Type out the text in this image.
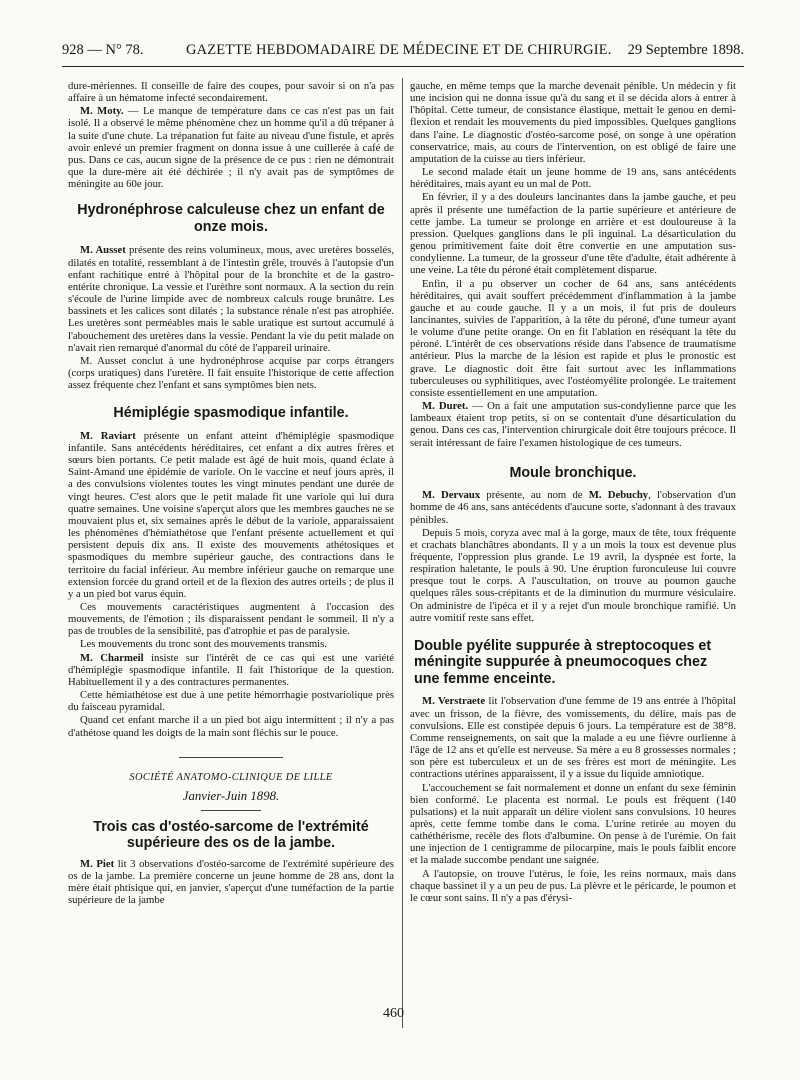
928 — N° 78.	GAZETTE HEBDOMADAIRE DE MÉDECINE ET DE CHIRURGIE. 29 Septembre 1898.

dure-mériennes. Il conseille de faire des coupes, pour savoir si on n'a pas affaire à un hématome infecté secondairement.

M. Moty. — Le manque de température dans ce cas n'est pas un fait isolé. Il a observé le même phénomène chez un homme qu'il a dû trépaner à la suite d'une chute. La trépanation fut faite au niveau d'une fistule, et après avoir enlevé un premier fragment on donna issue à une cuillerée à café de pus. Dans ce cas, aucun signe de la présence de ce pus : rien ne démontrait que la dure-mère ait été déchirée ; il n'y avait pas de symptômes de méningite au 60e jour.

Hydronéphrose calculeuse chez un enfant de onze mois.

M. Ausset présente des reins volumineux, mous, avec uretères bosselés, dilatés en totalité, ressemblant à de l'intestin grêle, trouvés à l'autopsie d'un enfant rachitique entré à l'hôpital pour de la bronchite et de la gastro-entérite chronique. La vessie et l'urèthre sont normaux. A la section du rein s'écoule de l'urine limpide avec de nombreux calculs rouge brunâtre. Les bassinets et les calices sont dilatés ; la substance rénale n'est pas atrophiée. Les uretères sont perméables mais le sable uratique est surtout accumulé à l'abouchement des uretères dans la vessie. Pendant la vie du petit malade on n'avait rien remarqué d'anormal du côté de l'appareil urinaire.

M. Ausset conclut à une hydronéphrose acquise par corps étrangers (corps uratiques) dans l'uretère. Il fait ensuite l'historique de cette affection assez fréquente chez l'enfant et sans symptômes bien nets.

Hémiplégie spasmodique infantile.

M. Raviart présente un enfant atteint d'hémiplégie spasmodique infantile. Sans antécédents héréditaires, cet enfant a dix autres frères et sœurs bien portants. Ce petit malade est âgé de huit mois, quand éclate à Saint-Amand une épidémie de variole. On le vaccine et neuf jours après, il a des convulsions violentes toutes les vingt minutes pendant une durée de vingt heures. C'est alors que le petit malade fit une variole qui lui dura quatre semaines. Une voisine s'aperçut alors que les membres gauches ne se mouvaient plus et, six semaines après le début de la variole, apparaissaient les phénomènes d'hémiathétose que l'enfant présente actuellement et qui persistent depuis dix ans. Il existe des mouvements athétosiques et spasmodiques du membre supérieur gauche, des contractions dans le territoire du facial inférieur. Au membre inférieur gauche on remarque une extension forcée du grand orteil et de la flexion des autres orteils ; de plus il y a un pied bot varus équin.

Ces mouvements caractéristiques augmentent à l'occasion des mouvements, de l'émotion ; ils disparaissent pendant le sommeil. Il n'y a pas de troubles de la sensibilité, pas d'atrophie et pas de paralysie.

Les mouvements du tronc sont des mouvements transmis.

M. Charmeil insiste sur l'intérêt de ce cas qui est une variété d'hémiplégie spasmodique infantile. Il fait l'historique de la question. Habituellement il y a des contractures permanentes.

Cette hémiathétose est due à une petite hémorrhagie postvariolique près du faisceau pyramidal.

Quand cet enfant marche il a un pied bot aigu intermittent ; il n'y a pas d'athétose quand les doigts de la main sont fléchis sur le pouce.

SOCIÉTÉ ANATOMO-CLINIQUE DE LILLE

Janvier-Juin 1898.

Trois cas d'ostéo-sarcome de l'extrémité supérieure des os de la jambe.

M. Piet lit 3 observations d'ostéo-sarcome de l'extrémité supérieure des os de la jambe. La première concerne un jeune homme de 28 ans, dont la mère était phtisique qui, en janvier, s'aperçut d'une tuméfaction de la partie supérieure de la jambe

gauche, en même temps que la marche devenait pénible. Un médecin y fit une incision qui ne donna issue qu'à du sang et il se décida alors à entrer à l'hôpital. Cette tumeur, de consistance élastique, mettait le genou en demi-flexion et rendait les mouvements du pied impossibles. Quelques ganglions dans l'aine. Le diagnostic d'ostéo-sarcome posé, on songe à une opération conservatrice, mais, au cours de l'intervention, on est obligé de faire une amputation de la cuisse au tiers inférieur.

Le second malade était un jeune homme de 19 ans, sans antécédents héréditaires, mais ayant eu un mal de Pott.

En février, il y a des douleurs lancinantes dans la jambe gauche, et peu après il présente une tuméfaction de la partie supérieure et antérieure de cette jambe. La tumeur se prolonge en arrière et est douloureuse à la pression. Quelques ganglions dans le pli inguinal. La désarticulation du genou primitivement faite doit être convertie en une amputation sus-condylienne. La tumeur, de la grosseur d'une tête d'adulte, était adhérente à une veine. La tête du péroné était complètement disparue.

Enfin, il a pu observer un cocher de 64 ans, sans antécédents héréditaires, qui avait souffert précédemment d'inflammation à la jambe gauche et au coude gauche. Il y a un mois, il fut pris de douleurs lancinantes, suivies de l'apparition, à la tête du péroné, d'une tumeur ayant le volume d'une petite orange. On en fit l'ablation en réséquant la tête du péroné. L'intérêt de ces observations réside dans l'absence de traumatisme antérieur. Plus la marche de la lésion est rapide et plus le pronostic est grave. Le diagnostic doit être fait surtout avec les inflammations tuberculeuses ou syphilitiques, avec l'ostéomyélite prolongée. Le traitement consiste essentiellement en une amputation.

M. Duret. — On a fait une amputation sus-condylienne parce que les lambeaux étaient trop petits, si on se contentait d'une désarticulation du genou. Dans ces cas, l'intervention chirurgicale doit être toujours précoce. Il serait intéressant de faire l'examen histologique de ces tumeurs.

Moule bronchique.

M. Dervaux présente, au nom de M. Debuchy, l'observation d'un homme de 46 ans, sans antécédents d'aucune sorte, s'adonnant à des travaux pénibles.

Depuis 5 mois, coryza avec mal à la gorge, maux de tête, toux fréquente et crachats blanchâtres abondants. Il y a un mois la toux est devenue plus fréquente, l'oppression plus grande. Le 19 avril, la dyspnée est forte, la respiration haletante, le pouls à 90. Une éruption furonculeuse lui couvre presque tout le corps. A l'auscultation, on trouve au poumon gauche quelques râles sous-crépitants et de la diminution du murmure vésiculaire. On administre de l'ipéca et il y a rejet d'un moule bronchique ramifié. Un autre vomitif reste sans effet.

Double pyélite suppurée à streptocoques et méningite suppurée à pneumocoques chez une femme enceinte.

M. Verstraete lit l'observation d'une femme de 19 ans entrée à l'hôpital avec un frisson, de la fièvre, des vomissements, du délire, mais pas de convulsions. Elle est constipée depuis 6 jours. La température est de 38°8. Comme renseignements, on sait que la malade a eu une fièvre ourlienne à l'âge de 12 ans et qu'elle est nerveuse. Sa mère a eu 8 grossesses normales ; son père est tuberculeux et un de ses frères est mort de méningite. Les contractions utérines apparaissent, il y a issue du liquide amniotique.

L'accouchement se fait normalement et donne un enfant du sexe féminin bien conformé. Le placenta est normal. Le pouls est fréquent (140 pulsations) et la nuit apparaît un délire violent sans convulsions. 10 heures après, cette femme tombe dans le coma. L'urine retirée au moyen du cathéthérisme, recèle des flots d'albumine. On pense à de l'urémie. On fait une injection de 1 centigramme de pilocarpine, mais le pouls faiblit encore et la malade succombe pendant une saignée.

A l'autopsie, on trouve l'utérus, le foie, les reins normaux, mais dans chaque bassinet il y a un peu de pus. La plèvre et le péricarde, le poumon et le cœur sont sains. Il n'y a pas d'érysi-

460
